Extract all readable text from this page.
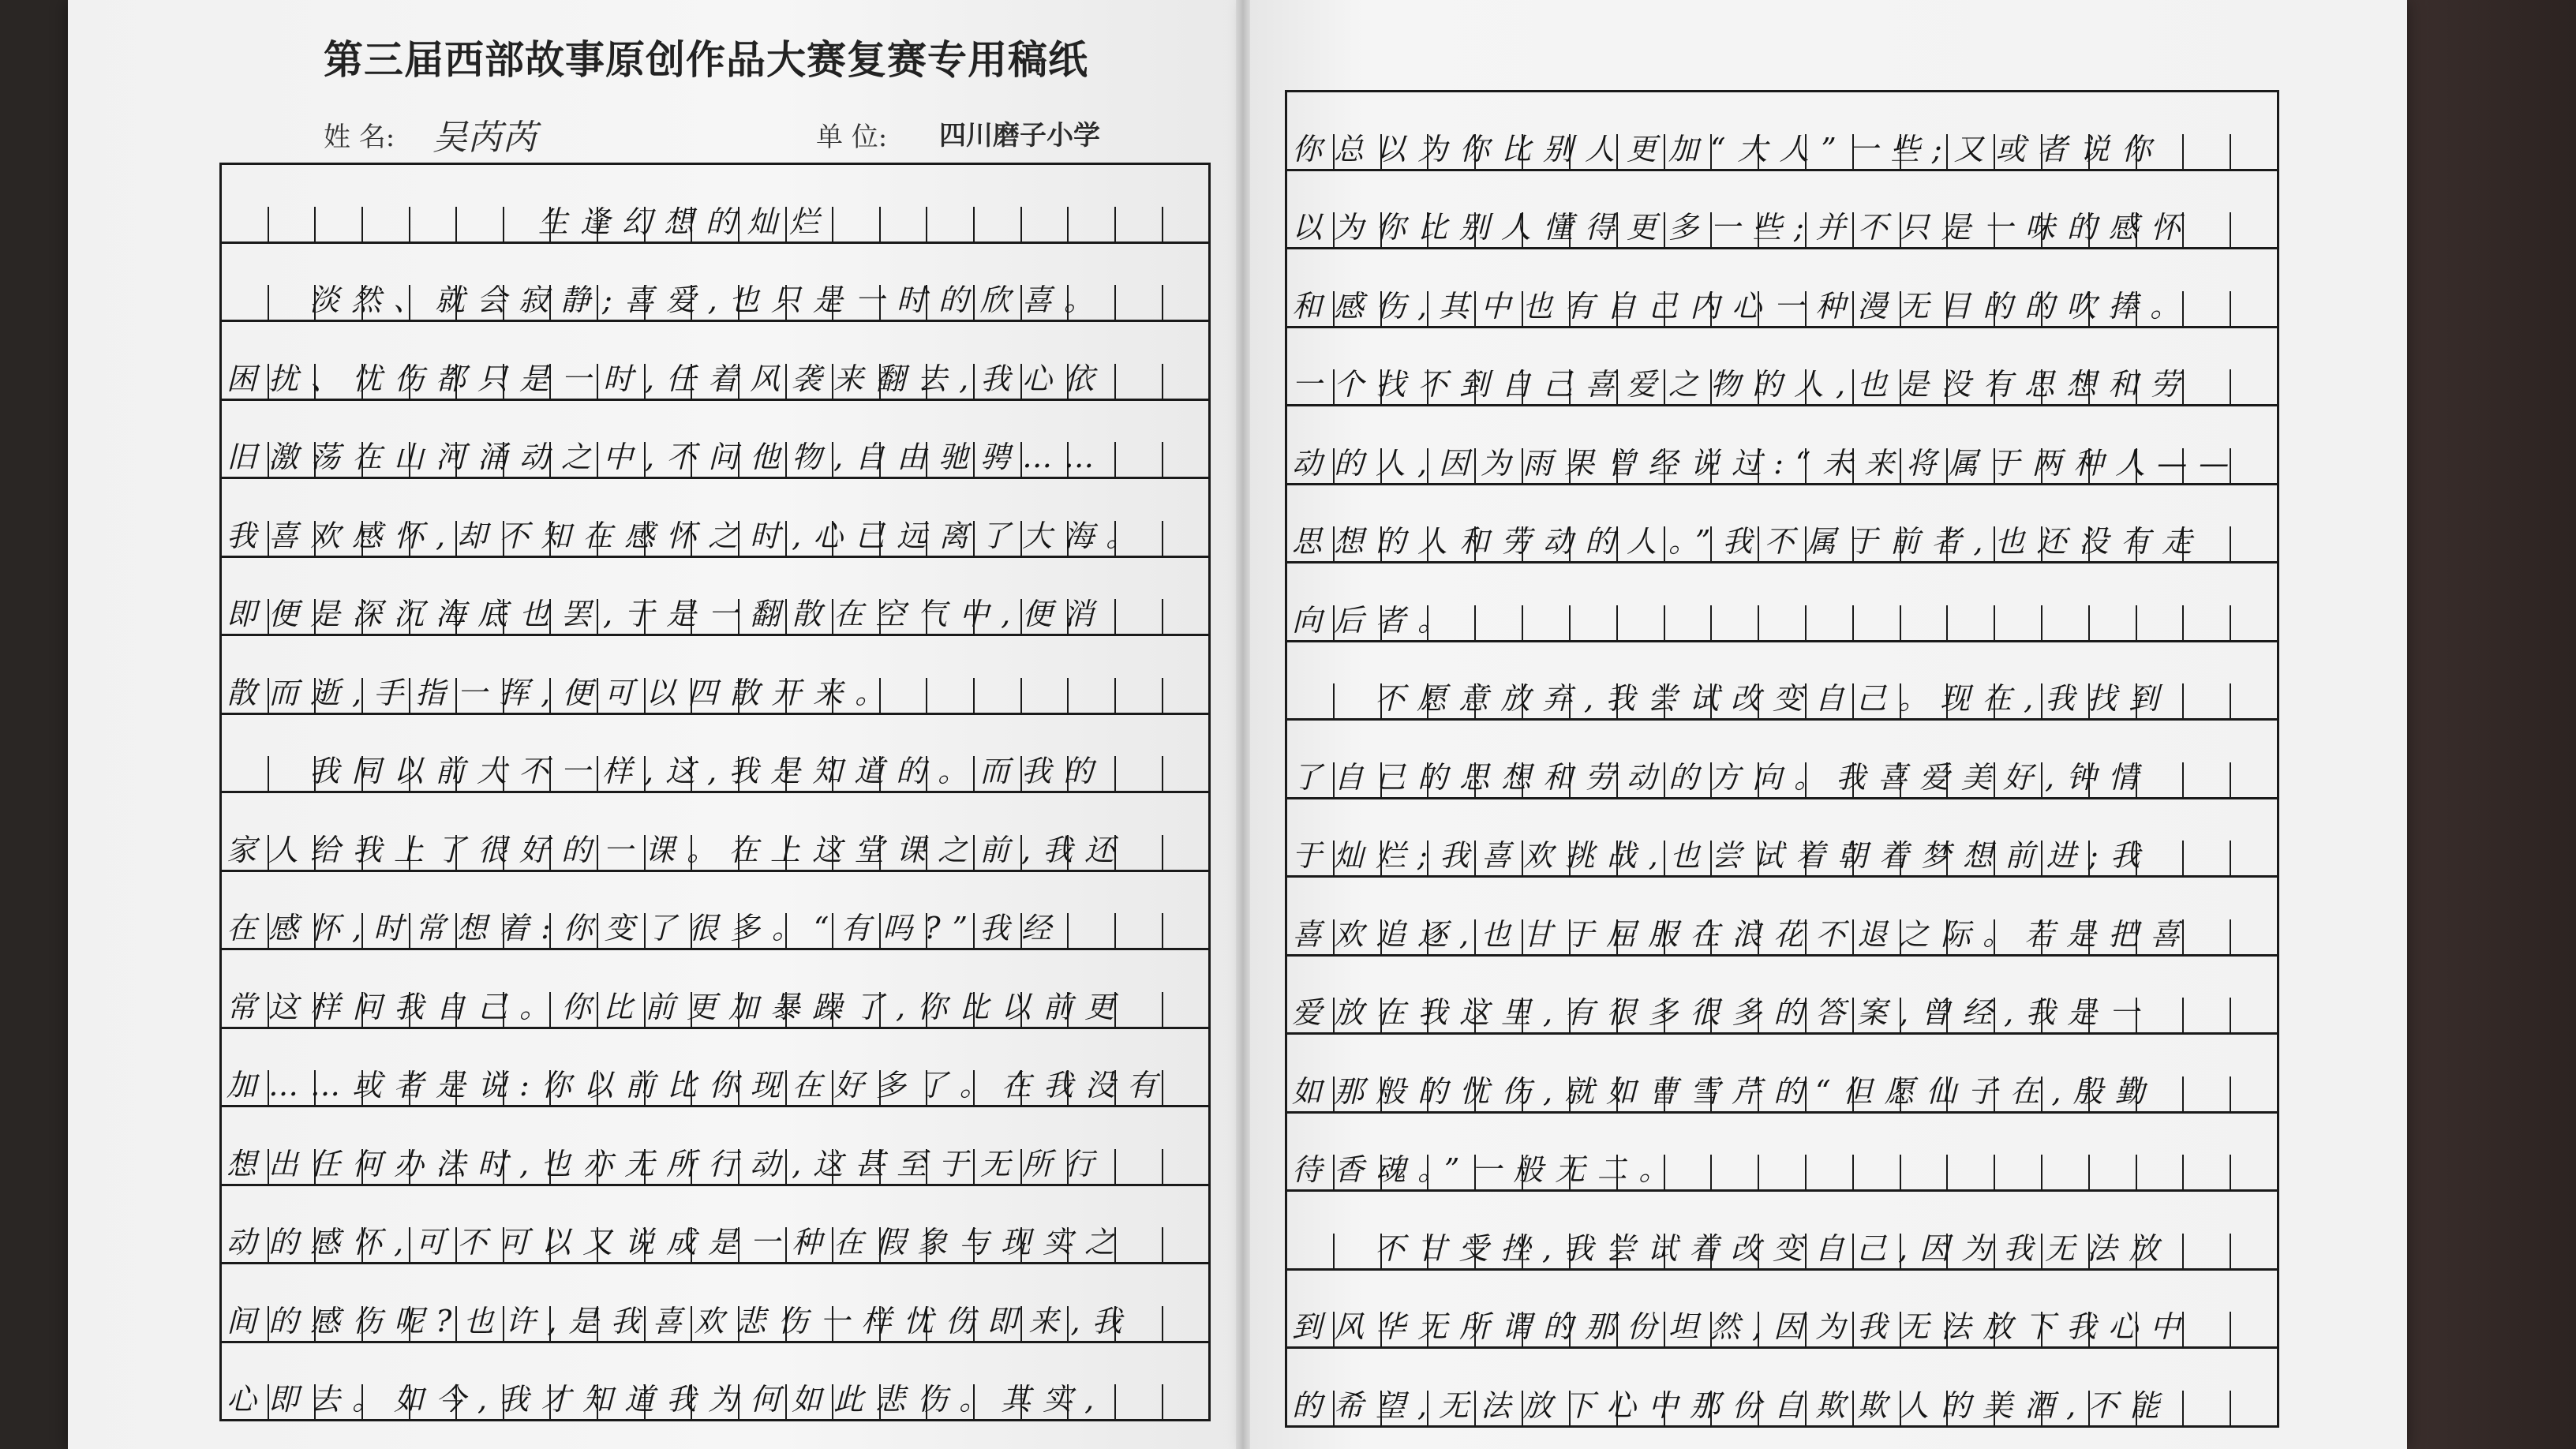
第三届西部故事原创作品大赛复赛专用稿纸
姓 名: 吴芮芮	单 位: 四川磨子小学
生逢幻想的灿烂
淡然、就会寂静;喜爱,也只是一时的欣喜。
困扰、忧伤都只是一时,任着风袭来翻去,我心依
旧激荡在山河涌动之中,不问他物,自由驰骋……
我喜欢感怀,却不知在感怀之时,心已远离了大海。
即便是深沉海底也罢,于是一翻散在空气中,便消
散而逝,手指一挥,便可以四散开来。
我同以前大不一样,这,我是知道的。而我的
家人给我上了很好的一课。在上这堂课之前,我还
在感怀,时常想着:你变了很多。“有吗?”我经
常这样问我自己。你比前更加暴躁了,你比以前更
加……或者是说:你以前比你现在好多了。在我没有
想出任何办法时,也亦无所行动,这甚至于无所行
动的感怀,可不可以又说成是一种在假象与现实之
间的感伤呢?也许,是我喜欢悲伤一样忧伤即来,我
心即去。如今,我才知道我为何如此悲伤。其实,
你总以为你比别人更加“大人”一些;又或者说你
以为你比别人懂得更多一些;并不只是一味的感怀
和感伤,其中也有自己内心一种漫无目的的吹捧。
一个找不到自己喜爱之物的人,也是没有思想和劳
动的人,因为雨果曾经说过:“未来将属于两种人——
思想的人和劳动的人。”我不属于前者,也还没有走
向后者。
不愿意放弃,我尝试改变自己。现在,我找到
了自己的思想和劳动的方向。我喜爱美好,钟情
于灿烂;我喜欢挑战,也尝试着朝着梦想前进;我
喜欢追逐,也甘于屈服在浪花不退之际。若是把喜
爱放在我这里,有很多很多的答案,曾经,我是一
如那般的忧伤,就如曹雪芹的“但愿仙子在,殷勤
待香魂。”一般无二。
不甘受挫,我尝试着改变自己,因为我无法放
到风华无所谓的那份坦然,因为我无法放下我心中
的希望,无法放下心中那份自欺欺人的美酒,不能
